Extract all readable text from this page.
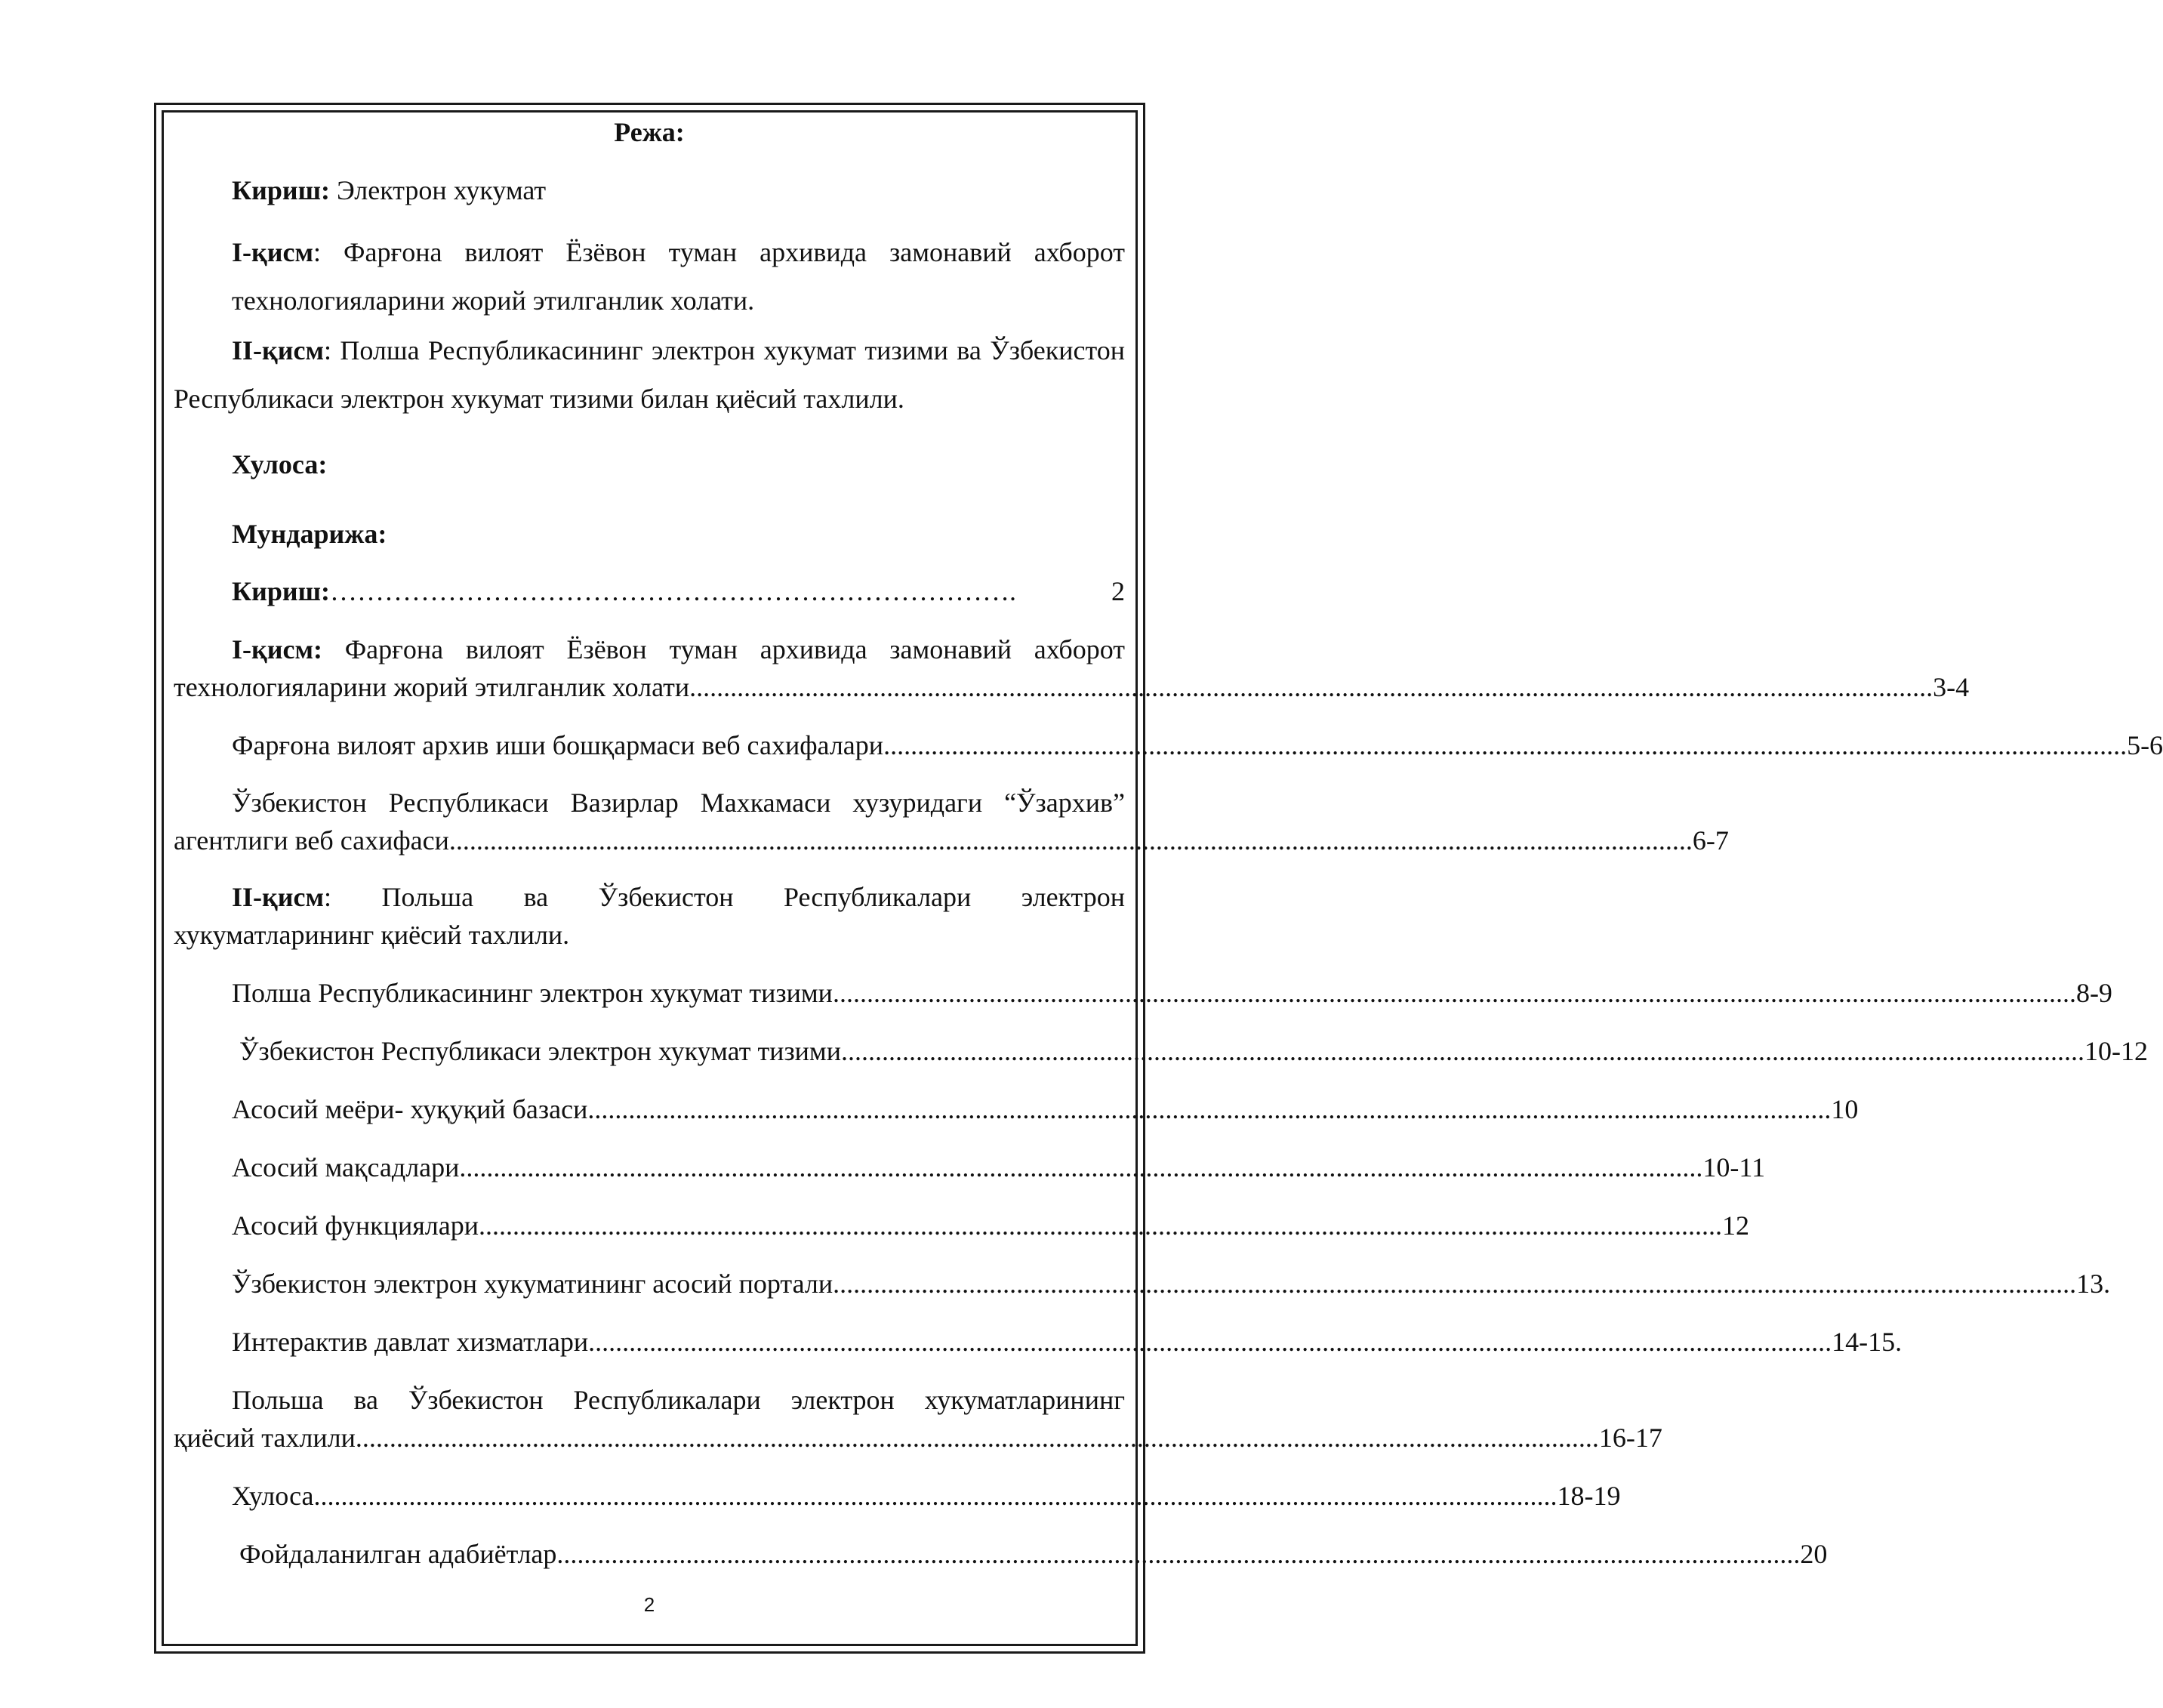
Режа:

Кириш: Электрон хукумат

I-қисм: Фарғона вилоят Ёзёвон туман архивида замонавий ахборот технологияларини жорий этилганлик холати.

II-қисм: Полша Республикасининг электрон хукумат тизими ва Ўзбекистон Республикаси электрон хукумат тизими билан қиёсий тахлили.

Хулоса:

Мундарижа:

Кириш: ………………………………………………………………….	2
I-қисм: Фарғона вилоят Ёзёвон туман архивида замонавий ахборот
технологияларини жорий этилганлик холати ....................................................................................................................................................................................... 3-4
Фарғона вилоят архив иши бошқармаси веб сахифалари ....................................................................................................................................................................................... 5-6
Ўзбекистон Республикаси Вазирлар Махкамаси хузуридаги “Ўзархив”
агентлиги веб сахифаси ....................................................................................................................................................................................... 6-7
II-қисм: Польша ва Ўзбекистон Республикалари электрон
хукуматларининг қиёсий тахлили.
Полша Республикасининг электрон хукумат тизими ....................................................................................................................................................................................... 8-9
Ўзбекистон Республикаси электрон хукумат тизими ....................................................................................................................................................................................... 10-12
Асосий меёри- хуқуқий базаси ....................................................................................................................................................................................... 10
Асосий мақсадлари ....................................................................................................................................................................................... 10-11
Асосий функциялари ....................................................................................................................................................................................... 12
Ўзбекистон электрон хукуматининг асосий портали ....................................................................................................................................................................................... 13.
Интерактив давлат хизматлари ....................................................................................................................................................................................... 14-15.
Польша ва Ўзбекистон Республикалари электрон хукуматларининг
қиёсий тахлили ....................................................................................................................................................................................... 16-17
Хулоса ....................................................................................................................................................................................... 18-19
Фойдаланилган адабиётлар ....................................................................................................................................................................................... 20
2
